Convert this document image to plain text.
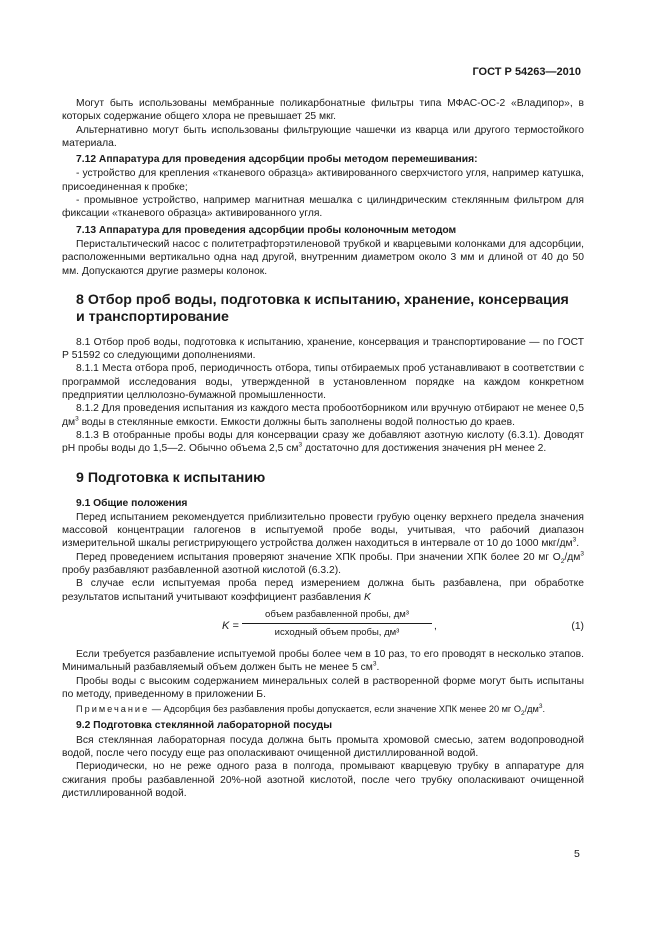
ГОСТ Р 54263—2010

Могут быть использованы мембранные поликарбонатные фильтры типа МФАС-ОС-2 «Владипор», в которых содержание общего хлора не превышает 25 мкг.

Альтернативно могут быть использованы фильтрующие чашечки из кварца или другого термостойкого материала.

7.12 Аппаратура для проведения адсорбции пробы методом перемешивания:

- устройство для крепления «тканевого образца» активированного сверхчистого угля, например катушка, присоединенная к пробке;

- промывное устройство, например магнитная мешалка с цилиндрическим стеклянным фильтром для фиксации «тканевого образца» активированного угля.

7.13 Аппаратура для проведения адсорбции пробы колоночным методом

Перистальтический насос с политетрафторэтиленовой трубкой и кварцевыми колонками для адсорбции, расположенными вертикально одна над другой, внутренним диаметром около 3 мм и длиной от 40 до 50 мм. Допускаются другие размеры колонок.

8 Отбор проб воды, подготовка к испытанию, хранение, консервация
и транспортирование

8.1 Отбор проб воды, подготовка к испытанию, хранение, консервация и транспортирование — по ГОСТ Р 51592 со следующими дополнениями.

8.1.1 Места отбора проб, периодичность отбора, типы отбираемых проб устанавливают в соответствии с программой исследования воды, утвержденной в установленном порядке на каждом конкретном предприятии целлюлозно-бумажной промышленности.

8.1.2 Для проведения испытания из каждого места пробоотборником или вручную отбирают не менее 0,5 $дм^3$ воды в стеклянные емкости. Емкости должны быть заполнены водой полностью до краев.

8.1.3 В отобранные пробы воды для консервации сразу же добавляют азотную кислоту (6.3.1). Доводят pH пробы воды до 1,5—2. Обычно объема 2,5 $см^3$ достаточно для достижения значения pH менее 2.

9 Подготовка к испытанию

9.1 Общие положения

Перед испытанием рекомендуется приблизительно провести грубую оценку верхнего предела значения массовой концентрации галогенов в испытуемой пробе воды, учитывая, что рабочий диапазон измерительной шкалы регистрирующего устройства должен находиться в интервале от 10 до 1000 мкг/$дм^3$.

Перед проведением испытания проверяют значение ХПК пробы. При значении ХПК более 20 мг $O_2/дм^3$ пробу разбавляют разбавленной азотной кислотой (6.3.2).

В случае если испытуемая проба перед измерением должна быть разбавлена, при обработке результатов испытаний учитывают коэффициент разбавления K

K =
объем разбавленной пробы, дм³
исходный объем пробы, дм³
,	(1)

Если требуется разбавление испытуемой пробы более чем в 10 раз, то его проводят в несколько этапов. Минимальный разбавляемый объем должен быть не менее 5 $см^3$.

Пробы воды с высоким содержанием минеральных солей в растворенной форме могут быть испытаны по методу, приведенному в приложении Б.

Примечание — Адсорбция без разбавления пробы допускается, если значение ХПК менее 20 мг $O_2/дм^3$.

9.2 Подготовка стеклянной лабораторной посуды

Вся стеклянная лабораторная посуда должна быть промыта хромовой смесью, затем водопроводной водой, после чего посуду еще раз ополаскивают очищенной дистиллированной водой.

Периодически, но не реже одного раза в полгода, промывают кварцевую трубку в аппаратуре для сжигания пробы разбавленной 20%-ной азотной кислотой, после чего трубку ополаскивают очищенной дистиллированной водой.

5
